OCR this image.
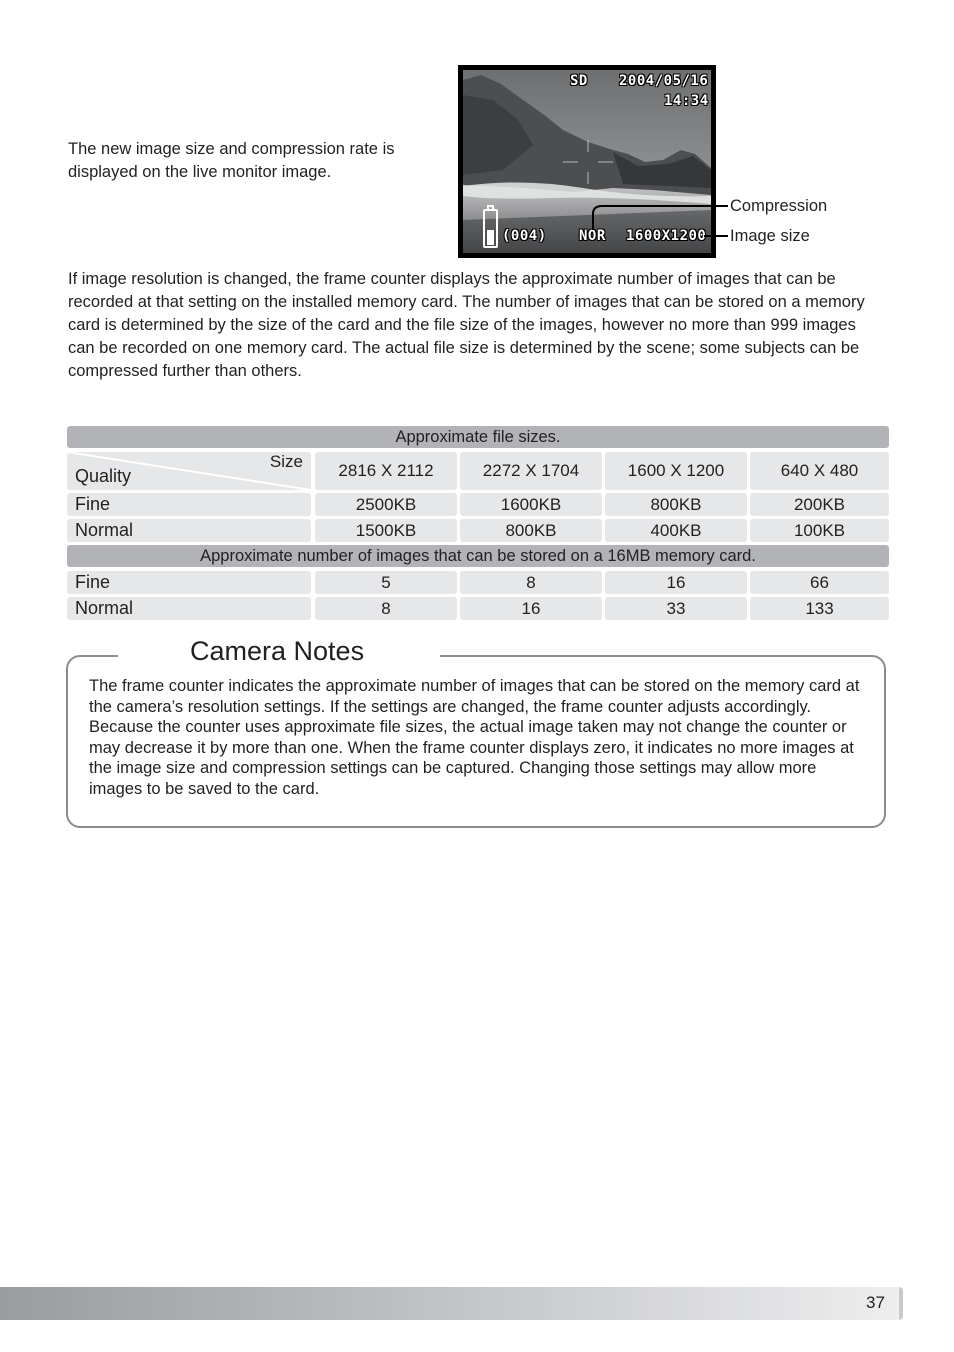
The new image size and compression rate is displayed on the live monitor image.

SD 2004/05/16
14:34
(004) NOR 1600X1200
Compression
Image size

If image resolution is changed, the frame counter displays the approximate number of images that can be recorded at that setting on the installed memory card. The number of images that can be stored on a memory card is determined by the size of the card and the file size of the images, however no more than 999 images can be recorded on one memory card. The actual file size is determined by the scene; some subjects can be compressed further than others.

Approximate file sizes.
Size
Quality	2816 X 2112	2272 X 1704	1600 X 1200	640 X 480
Fine	2500KB	1600KB	800KB	200KB
Normal	1500KB	800KB	400KB	100KB
Approximate number of images that can be stored on a 16MB memory card.
Fine	5	8	16	66
Normal	8	16	33	133
Camera Notes

The frame counter indicates the approximate number of images that can be stored on the memory card at the camera’s resolution settings. If the settings are changed, the frame counter adjusts accordingly. Because the counter uses approximate file sizes, the actual image taken may not change the counter or may decrease it by more than one. When the frame counter displays zero, it indicates no more images at the image size and compression settings can be captured. Changing those settings may allow more images to be saved to the card.

37
